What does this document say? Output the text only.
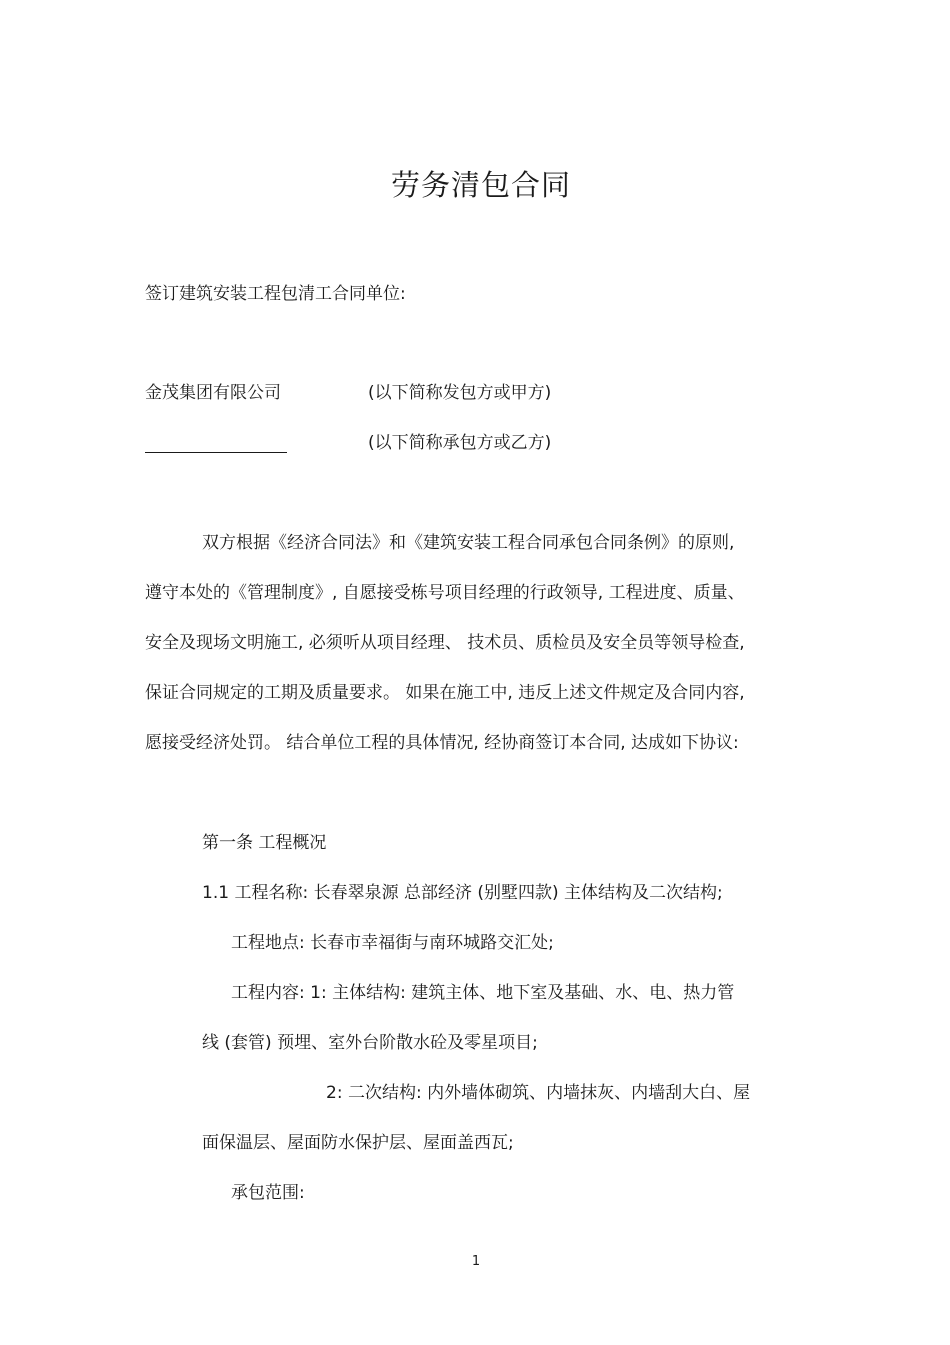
劳务清包合同
签订建筑安装工程包清工合同单位:
金茂集团有限公司	(以下简称发包方或甲方)
(以下简称承包方或乙方)
双方根据《经济合同法》和《建筑安装工程合同承包合同条例》的原则,
遵守本处的《管理制度》, 自愿接受栋号项目经理的行政领导, 工程进度、质量、
安全及现场文明施工, 必须听从项目经理、 技术员、质检员及安全员等领导检查,
保证合同规定的工期及质量要求。 如果在施工中, 违反上述文件规定及合同内容,
愿接受经济处罚。 结合单位工程的具体情况, 经协商签订本合同, 达成如下协议:
第一条 工程概况
1.1 工程名称: 长春翠泉源 总部经济 (别墅四款) 主体结构及二次结构;
工程地点: 长春市幸福街与南环城路交汇处;
工程内容: 1: 主体结构: 建筑主体、地下室及基础、水、电、热力管
线 (套管) 预埋、室外台阶散水砼及零星项目;
2: 二次结构: 内外墙体砌筑、内墙抹灰、内墙刮大白、屋
面保温层、屋面防水保护层、屋面盖西瓦;
承包范围:
1
